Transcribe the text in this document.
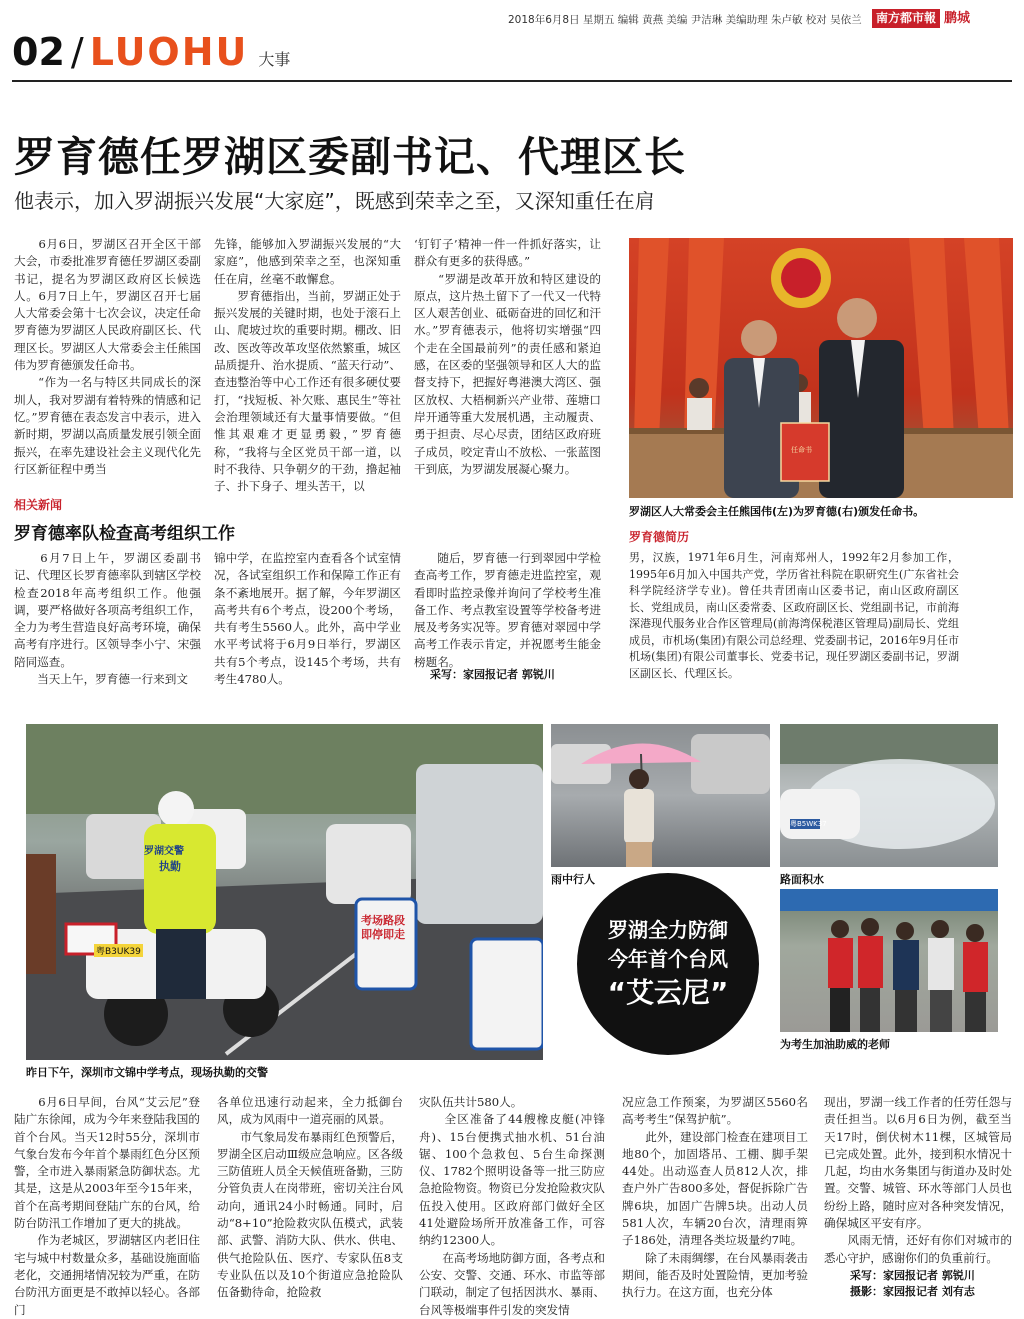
2018年6月8日 星期五 编辑 黄燕 美编 尹洁琳 美编助理 朱卢敏 校对 吴依兰	南方都市報 鹏城
02 / LUOHU 大事
罗育德任罗湖区委副书记、代理区长
他表示，加入罗湖振兴发展“大家庭”，既感到荣幸之至，又深知重任在肩
　　6月6日，罗湖区召开全区干部大会，市委批准罗育德任罗湖区委副书记，提名为罗湖区政府区长候选人。6月7日上午，罗湖区召开七届人大常委会第十七次会议，决定任命罗育德为罗湖区人民政府副区长、代理区长。罗湖区人大常委会主任熊国伟为罗育德颁发任命书。
　　“作为一名与特区共同成长的深圳人，我对罗湖有着特殊的情感和记忆。”罗育德在表态发言中表示，进入新时期，罗湖以高质量发展引领全面振兴，在率先建设社会主义现代化先行区新征程中勇当
先锋，能够加入罗湖振兴发展的“大家庭”，他感到荣幸之至，也深知重任在肩，丝毫不敢懈怠。
　　罗育德指出，当前，罗湖正处于振兴发展的关键时期，也处于滚石上山、爬坡过坎的重要时期。棚改、旧改、医改等改革攻坚依然繁重，城区品质提升、治水提质、“蓝天行动”、查违整治等中心工作还有很多硬仗要打，“找短板、补欠账、惠民生”等社会治理领域还有大量事情要做。“但惟其艰难才更显勇毅，”罗育德称，“我将与全区党员干部一道，以时不我待、只争朝夕的干劲，撸起袖子、扑下身子、埋头苦干，以
‘钉钉子’精神一件一件抓好落实，让群众有更多的获得感。”
　　“罗湖是改革开放和特区建设的原点，这片热土留下了一代又一代特区人艰苦创业、砥砺奋进的回忆和汗水。”罗育德表示，他将切实增强“四个走在全国最前列”的责任感和紧迫感，在区委的坚强领导和区人大的监督支持下，把握好粤港澳大湾区、强区放权、大梧桐新兴产业带、莲塘口岸开通等重大发展机遇，主动履责、勇于担责、尽心尽责，团结区政府班子成员，咬定青山不放松、一张蓝图干到底，为罗湖发展凝心聚力。
任命书
罗湖区人大常委会主任熊国伟(左)为罗育德(右)颁发任命书。
相关新闻
罗育德率队检查高考组织工作
　　6月7日上午，罗湖区委副书记、代理区长罗育德率队到辖区学校检查2018年高考组织工作。他强调，要严格做好各项高考组织工作，全力为考生营造良好高考环境，确保高考有序进行。区领导李小宁、宋强陪同巡查。
　　当天上午，罗育德一行来到文
锦中学，在监控室内查看各个试室情况，各试室组织工作和保障工作正有条不紊地展开。据了解，今年罗湖区高考共有6个考点，设200个考场，共有考生5560人。此外，高中学业水平考试将于6月9日举行，罗湖区共有5个考点，设145个考场，共有考生4780人。
　　随后，罗育德一行到翠园中学检查高考工作，罗育德走进监控室，观看即时监控录像并询问了学校考生准备工作、考点教室设置等学校备考进展及考务实况等。罗育德对翠园中学高考工作表示肯定，并祝愿考生能金榜题名。
采写：家园报记者 郭锐川
罗育德简历
男，汉族，1971年6月生，河南郑州人，1992年2月参加工作，1995年6月加入中国共产党，学历省社科院在职研究生(广东省社会科学院经济学专业)。曾任共青团南山区委书记，南山区政府副区长、党组成员，南山区委常委、区政府副区长、党组副书记，市前海深港现代服务业合作区管理局(前海湾保税港区管理局)副局长、党组成员，市机场(集团)有限公司总经理、党委副书记，2016年9月任市机场(集团)有限公司董事长、党委书记，现任罗湖区委副书记，罗湖区副区长、代理区长。
罗湖交警
执勤
粤B3UK39
考场路段 即停即走
昨日下午，深圳市文锦中学考点，现场执勤的交警
雨中行人
粤B5WK37
路面积水
为考生加油助威的老师
罗湖全力防御
今年首个台风
“艾云尼”
　　6月6日早间，台风“艾云尼”登陆广东徐闻，成为今年来登陆我国的首个台风。当天12时55分，深圳市气象台发布今年首个暴雨红色分区预警，全市进入暴雨紧急防御状态。尤其是，这是从2003年至今15年来，首个在高考期间登陆广东的台风，给防台防汛工作增加了更大的挑战。
　　作为老城区，罗湖辖区内老旧住宅与城中村数量众多，基础设施面临老化，交通拥堵情况较为严重，在防台防汛方面更是不敢掉以轻心。各部门
各单位迅速行动起来，全力抵御台风，成为风雨中一道亮丽的风景。
　　市气象局发布暴雨红色预警后，罗湖全区启动Ⅲ级应急响应。区各级三防值班人员全天候值班备勤，三防分管负责人在岗带班，密切关注台风动向，通讯24小时畅通。同时，启动“8+10”抢险救灾队伍模式，武装部、武警、消防大队、供水、供电、供气抢险队伍、医疗、专家队伍8支专业队伍以及10个街道应急抢险队伍备勤待命，抢险救
灾队伍共计580人。
　　全区准备了44艘橡皮艇(冲锋舟)、15台便携式抽水机、51台油锯、100个急救包、5台生命探测仪、1782个照明设备等一批三防应急抢险物资。物资已分发抢险救灾队伍投入使用。区政府部门做好全区41处避险场所开放准备工作，可容纳约12300人。
　　在高考场地防御方面，各考点和公安、交警、交通、环水、市监等部门联动，制定了包括因洪水、暴雨、台风等极端事件引发的突发情
况应急工作预案，为罗湖区5560名高考考生“保驾护航”。
　　此外，建设部门检查在建项目工地80个，加固塔吊、工棚、脚手架44处。出动巡查人员812人次，排查户外广告800多处，督促拆除广告牌6块，加固广告牌5块。出动人员581人次，车辆20台次，清理雨箅子186处，清理各类垃圾量约7吨。
　　除了未雨绸缪，在台风暴雨袭击期间，能否及时处置险情，更加考验执行力。在这方面，也充分体
现出，罗湖一线工作者的任劳任怨与责任担当。以6月6日为例，截至当天17时，倒伏树木11棵，区城管局已完成处置。此外，接到积水情况十几起，均由水务集团与街道办及时处置。交警、城管、环水等部门人员也纷纷上路，随时应对各种突发情况，确保城区平安有序。
　　风雨无情，还好有你们对城市的悉心守护，感谢你们的负重前行。
采写：家园报记者 郭锐川
摄影：家园报记者 刘有志
